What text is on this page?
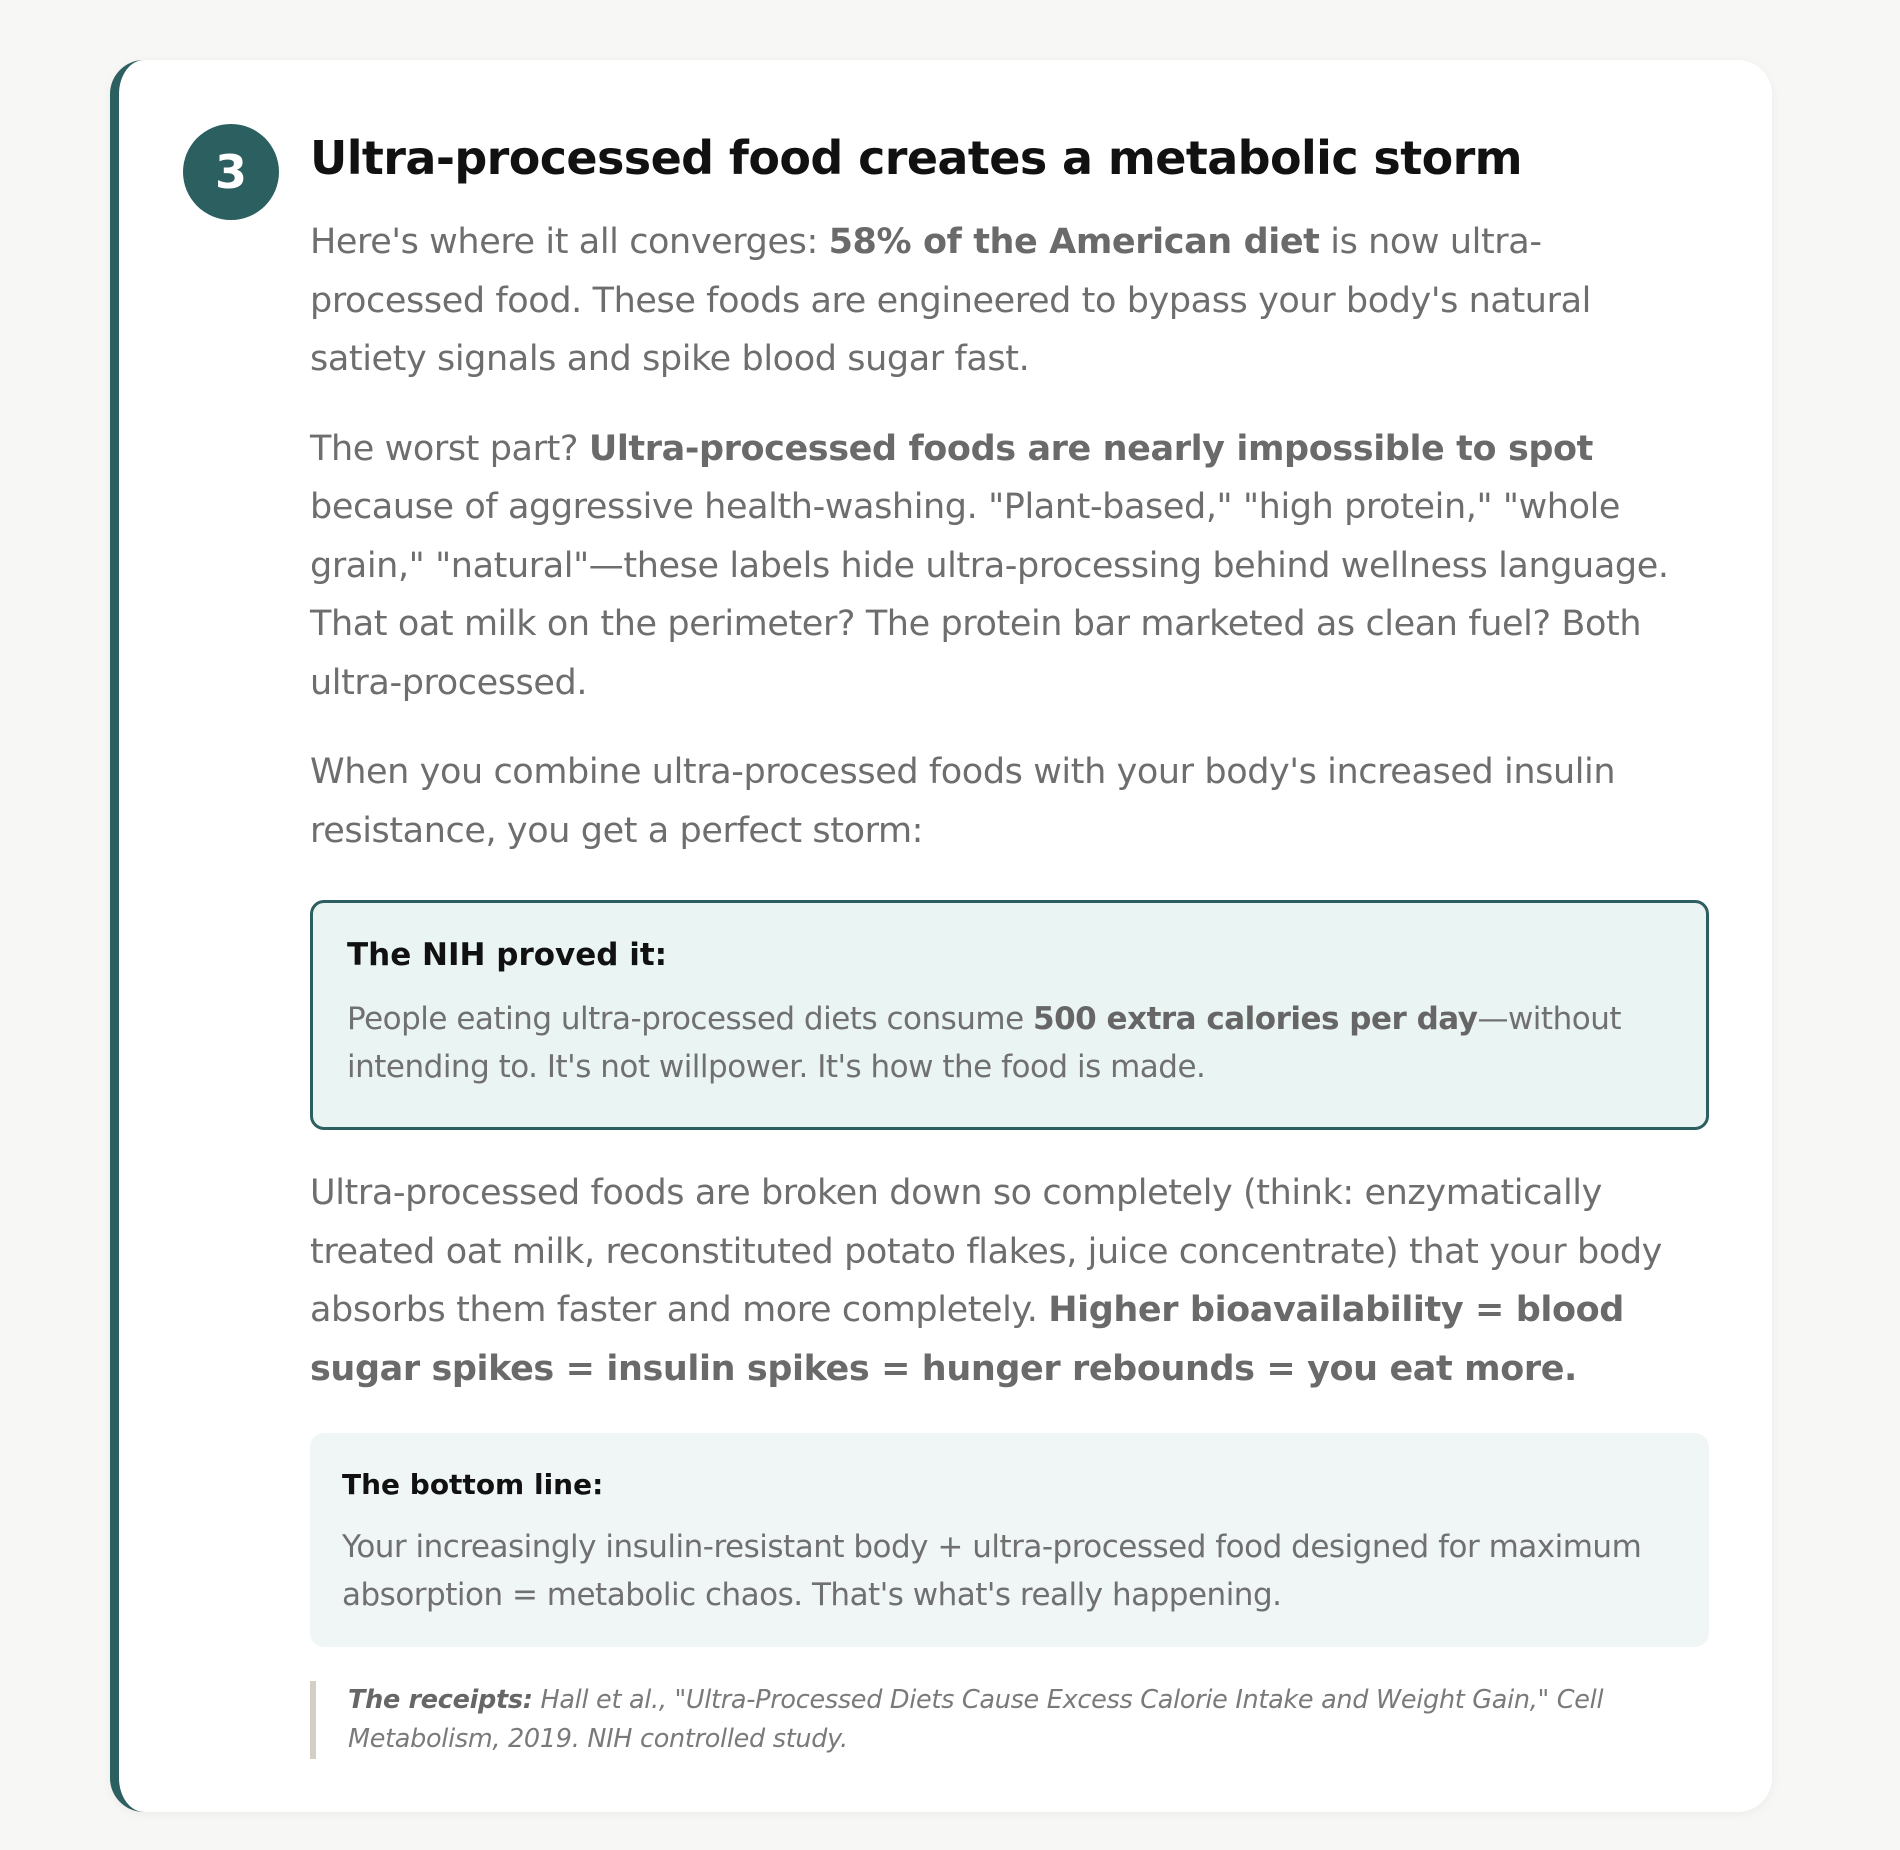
3 Ultra-processed food creates a metabolic storm

Here's where it all converges: 58% of the American diet is now ultra-processed food. These foods are engineered to bypass your body's natural satiety signals and spike blood sugar fast.

The worst part? Ultra-processed foods are nearly impossible to spot because of aggressive health-washing. "Plant-based," "high protein," "whole grain," "natural"—these labels hide ultra-processing behind wellness language. That oat milk on the perimeter? The protein bar marketed as clean fuel? Both ultra-processed.

When you combine ultra-processed foods with your body's increased insulin resistance, you get a perfect storm:

The NIH proved it:

People eating ultra-processed diets consume 500 extra calories per day—without intending to. It's not willpower. It's how the food is made.

Ultra-processed foods are broken down so completely (think: enzymatically treated oat milk, reconstituted potato flakes, juice concentrate) that your body absorbs them faster and more completely. Higher bioavailability = blood sugar spikes = insulin spikes = hunger rebounds = you eat more.

The bottom line:

Your increasingly insulin-resistant body + ultra-processed food designed for maximum absorption = metabolic chaos. That's what's really happening.

The receipts: Hall et al., "Ultra-Processed Diets Cause Excess Calorie Intake and Weight Gain," Cell Metabolism, 2019. NIH controlled study.
